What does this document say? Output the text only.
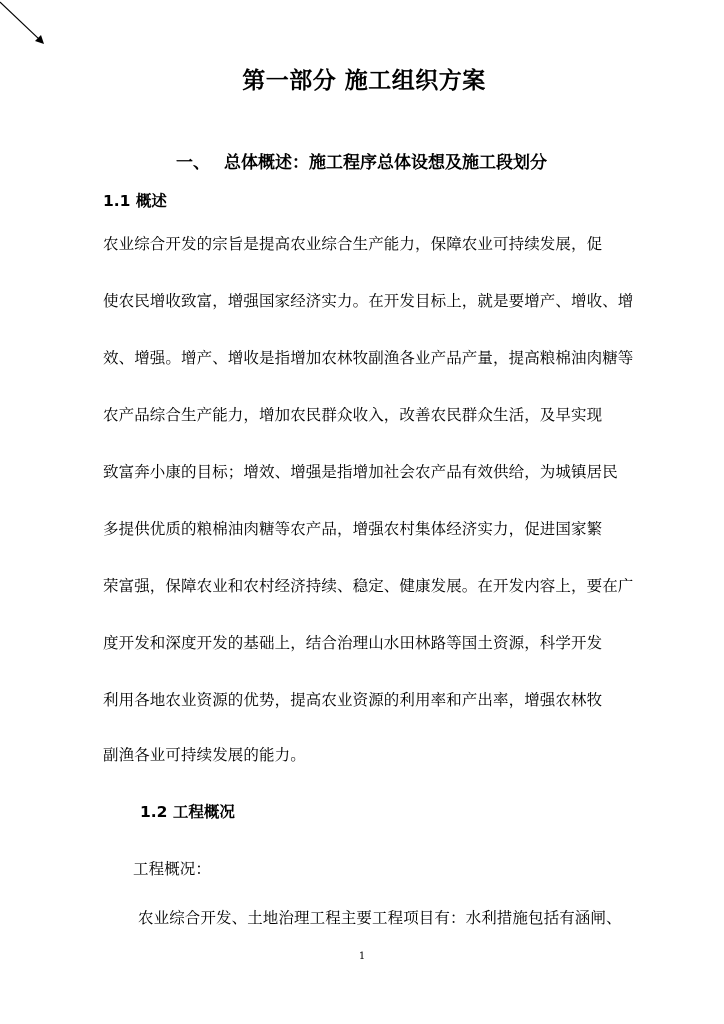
第一部分 施工组织方案
一、 总体概述：施工程序总体设想及施工段划分
1.1 概述
农业综合开发的宗旨是提高农业综合生产能力，保障农业可持续发展，促
使农民增收致富，增强国家经济实力。在开发目标上，就是要增产、增收、增
效、增强。增产、增收是指增加农林牧副渔各业产品产量，提高粮棉油肉糖等
农产品综合生产能力，增加农民群众收入，改善农民群众生活，及早实现
致富奔小康的目标；增效、增强是指增加社会农产品有效供给，为城镇居民
多提供优质的粮棉油肉糖等农产品，增强农村集体经济实力，促进国家繁
荣富强，保障农业和农村经济持续、稳定、健康发展。在开发内容上，要在广
度开发和深度开发的基础上，结合治理山水田林路等国土资源，科学开发
利用各地农业资源的优势，提高农业资源的利用率和产出率，增强农林牧
副渔各业可持续发展的能力。
1.2 工程概况
工程概况：
农业综合开发、土地治理工程主要工程项目有：水利措施包括有涵闸、
1
